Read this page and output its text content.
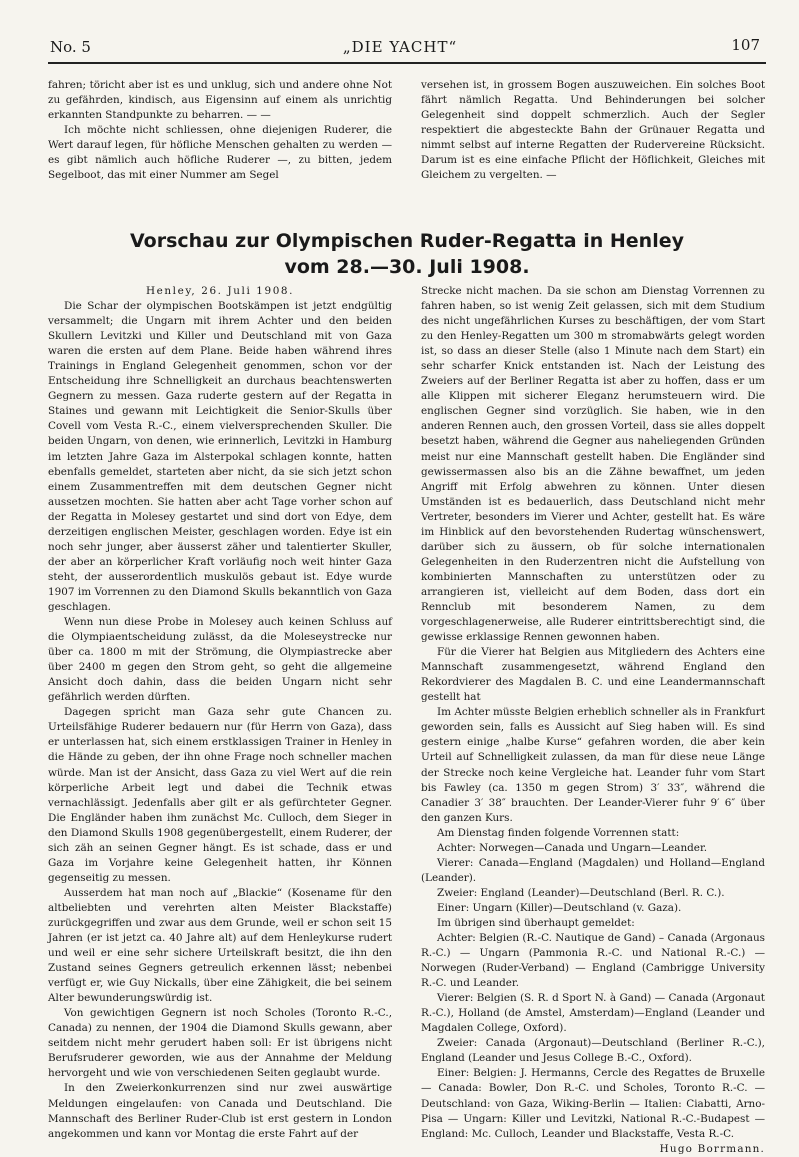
No. 5	„DIE YACHT“	107

fahren; töricht aber ist es und unklug, sich und andere ohne Not zu gefährden, kindisch, aus Eigensinn auf einem als unrichtig erkannten Standpunkte zu beharren. — —

Ich möchte nicht schliessen, ohne diejenigen Ruderer, die Wert darauf legen, für höfliche Menschen gehalten zu werden — es gibt nämlich auch höfliche Ruderer —, zu bitten, jedem Segelboot, das mit einer Nummer am Segel

versehen ist, in grossem Bogen auszuweichen. Ein solches Boot fährt nämlich Regatta. Und Behinderungen bei solcher Gelegenheit sind doppelt schmerzlich. Auch der Segler respektiert die abgesteckte Bahn der Grünauer Regatta und nimmt selbst auf interne Regatten der Rudervereine Rücksicht. Darum ist es eine einfache Pflicht der Höflichkeit, Gleiches mit Gleichem zu vergelten. —

Vorschau zur Olympischen Ruder-Regatta in Henley
vom 28.—30. Juli 1908.

Henley, 26. Juli 1908.

Die Schar der olympischen Bootskämpen ist jetzt endgültig versammelt; die Ungarn mit ihrem Achter und den beiden Skullern Levitzki und Killer und Deutschland mit von Gaza waren die ersten auf dem Plane. Beide haben während ihres Trainings in England Gelegenheit genommen, schon vor der Entscheidung ihre Schnelligkeit an durchaus beachtenswerten Gegnern zu messen. Gaza ruderte gestern auf der Regatta in Staines und gewann mit Leichtigkeit die Senior-Skulls über Covell vom Vesta R.-C., einem vielversprechenden Skuller. Die beiden Ungarn, von denen, wie erinnerlich, Levitzki in Hamburg im letzten Jahre Gaza im Alsterpokal schlagen konnte, hatten ebenfalls gemeldet, starteten aber nicht, da sie sich jetzt schon einem Zusammentreffen mit dem deutschen Gegner nicht aussetzen mochten. Sie hatten aber acht Tage vorher schon auf der Regatta in Molesey gestartet und sind dort von Edye, dem derzeitigen englischen Meister, geschlagen worden. Edye ist ein noch sehr junger, aber äusserst zäher und talentierter Skuller, der aber an körperlicher Kraft vorläufig noch weit hinter Gaza steht, der ausserordentlich muskulös gebaut ist. Edye wurde 1907 im Vorrennen zu den Diamond Skulls bekanntlich von Gaza geschlagen.

Wenn nun diese Probe in Molesey auch keinen Schluss auf die Olympiaentscheidung zulässt, da die Moleseystrecke nur über ca. 1800 m mit der Strömung, die Olympiastrecke aber über 2400 m gegen den Strom geht, so geht die allgemeine Ansicht doch dahin, dass die beiden Ungarn nicht sehr gefährlich werden dürften.

Dagegen spricht man Gaza sehr gute Chancen zu. Urteilsfähige Ruderer bedauern nur (für Herrn von Gaza), dass er unterlassen hat, sich einem erstklassigen Trainer in Henley in die Hände zu geben, der ihn ohne Frage noch schneller machen würde. Man ist der Ansicht, dass Gaza zu viel Wert auf die rein körperliche Arbeit legt und dabei die Technik etwas vernachlässigt. Jedenfalls aber gilt er als gefürchteter Gegner. Die Engländer haben ihm zunächst Mc. Culloch, dem Sieger in den Diamond Skulls 1908 gegenübergestellt, einem Ruderer, der sich zäh an seinen Gegner hängt. Es ist schade, dass er und Gaza im Vorjahre keine Gelegenheit hatten, ihr Können gegenseitig zu messen.

Ausserdem hat man noch auf „Blackie“ (Kosename für den altbeliebten und verehrten alten Meister Blackstaffe) zurückgegriffen und zwar aus dem Grunde, weil er schon seit 15 Jahren (er ist jetzt ca. 40 Jahre alt) auf dem Henleykurse rudert und weil er eine sehr sichere Urteilskraft besitzt, die ihn den Zustand seines Gegners getreulich erkennen lässt; nebenbei verfügt er, wie Guy Nickalls, über eine Zähigkeit, die bei seinem Alter bewunderungswürdig ist.

Von gewichtigen Gegnern ist noch Scholes (Toronto R.-C., Canada) zu nennen, der 1904 die Diamond Skulls gewann, aber seitdem nicht mehr gerudert haben soll: Er ist übrigens nicht Berufsruderer geworden, wie aus der Annahme der Meldung hervorgeht und wie von verschiedenen Seiten geglaubt wurde.

In den Zweierkonkurrenzen sind nur zwei auswärtige Meldungen eingelaufen: von Canada und Deutschland. Die Mannschaft des Berliner Ruder-Club ist erst gestern in London angekommen und kann vor Montag die erste Fahrt auf der

Strecke nicht machen. Da sie schon am Dienstag Vorrennen zu fahren haben, so ist wenig Zeit gelassen, sich mit dem Studium des nicht ungefährlichen Kurses zu beschäftigen, der vom Start zu den Henley-Regatten um 300 m stromabwärts gelegt worden ist, so dass an dieser Stelle (also 1 Minute nach dem Start) ein sehr scharfer Knick entstanden ist. Nach der Leistung des Zweiers auf der Berliner Regatta ist aber zu hoffen, dass er um alle Klippen mit sicherer Eleganz herumsteuern wird. Die englischen Gegner sind vorzüglich. Sie haben, wie in den anderen Rennen auch, den grossen Vorteil, dass sie alles doppelt besetzt haben, während die Gegner aus naheliegenden Gründen meist nur eine Mannschaft gestellt haben. Die Engländer sind gewissermassen also bis an die Zähne bewaffnet, um jeden Angriff mit Erfolg abwehren zu können. Unter diesen Umständen ist es bedauerlich, dass Deutschland nicht mehr Vertreter, besonders im Vierer und Achter, gestellt hat. Es wäre im Hinblick auf den bevorstehenden Rudertag wünschenswert, darüber sich zu äussern, ob für solche internationalen Gelegenheiten in den Ruderzentren nicht die Aufstellung von kombinierten Mannschaften zu unterstützen oder zu arrangieren ist, vielleicht auf dem Boden, dass dort ein Rennclub mit besonderem Namen, zu dem vorgeschlagenerweise, alle Ruderer eintrittsberechtigt sind, die gewisse erklassige Rennen gewonnen haben.

Für die Vierer hat Belgien aus Mitgliedern des Achters eine Mannschaft zusammengesetzt, während England den Rekordvierer des Magdalen B. C. und eine Leandermannschaft gestellt hat

Im Achter müsste Belgien erheblich schneller als in Frankfurt geworden sein, falls es Aussicht auf Sieg haben will. Es sind gestern einige „halbe Kurse“ gefahren worden, die aber kein Urteil auf Schnelligkeit zulassen, da man für diese neue Länge der Strecke noch keine Vergleiche hat. Leander fuhr vom Start bis Fawley (ca. 1350 m gegen Strom) 3′ 33″, während die Canadier 3′ 38″ brauchten. Der Leander-Vierer fuhr 9′ 6″ über den ganzen Kurs.

Am Dienstag finden folgende Vorrennen statt:

Achter: Norwegen—Canada und Ungarn—Leander.

Vierer: Canada—England (Magdalen) und Holland—England (Leander).

Zweier: England (Leander)—Deutschland (Berl. R. C.).

Einer: Ungarn (Killer)—Deutschland (v. Gaza).

Im übrigen sind überhaupt gemeldet:

Achter: Belgien (R.-C. Nautique de Gand) – Canada (Argonaus R.-C.) — Ungarn (Pammonia R.-C. und National R.-C.) — Norwegen (Ruder-Verband) — England (Cambrigge University R.-C. und Leander.

Vierer: Belgien (S. R. d Sport N. à Gand) — Canada (Argonaut R.-C.), Holland (de Amstel, Amsterdam)—England (Leander und Magdalen College, Oxford).

Zweier: Canada (Argonaut)—Deutschland (Berliner R.-C.), England (Leander und Jesus College B.-C., Oxford).

Einer: Belgien: J. Hermanns, Cercle des Regattes de Bruxelle — Canada: Bowler, Don R.-C. und Scholes, Toronto R.-C. — Deutschland: von Gaza, Wiking-Berlin — Italien: Ciabatti, Arno-Pisa — Ungarn: Killer und Levitzki, National R.-C.-Budapest — England: Mc. Culloch, Leander und Blackstaffe, Vesta R.-C.

Hugo Borrmann.
